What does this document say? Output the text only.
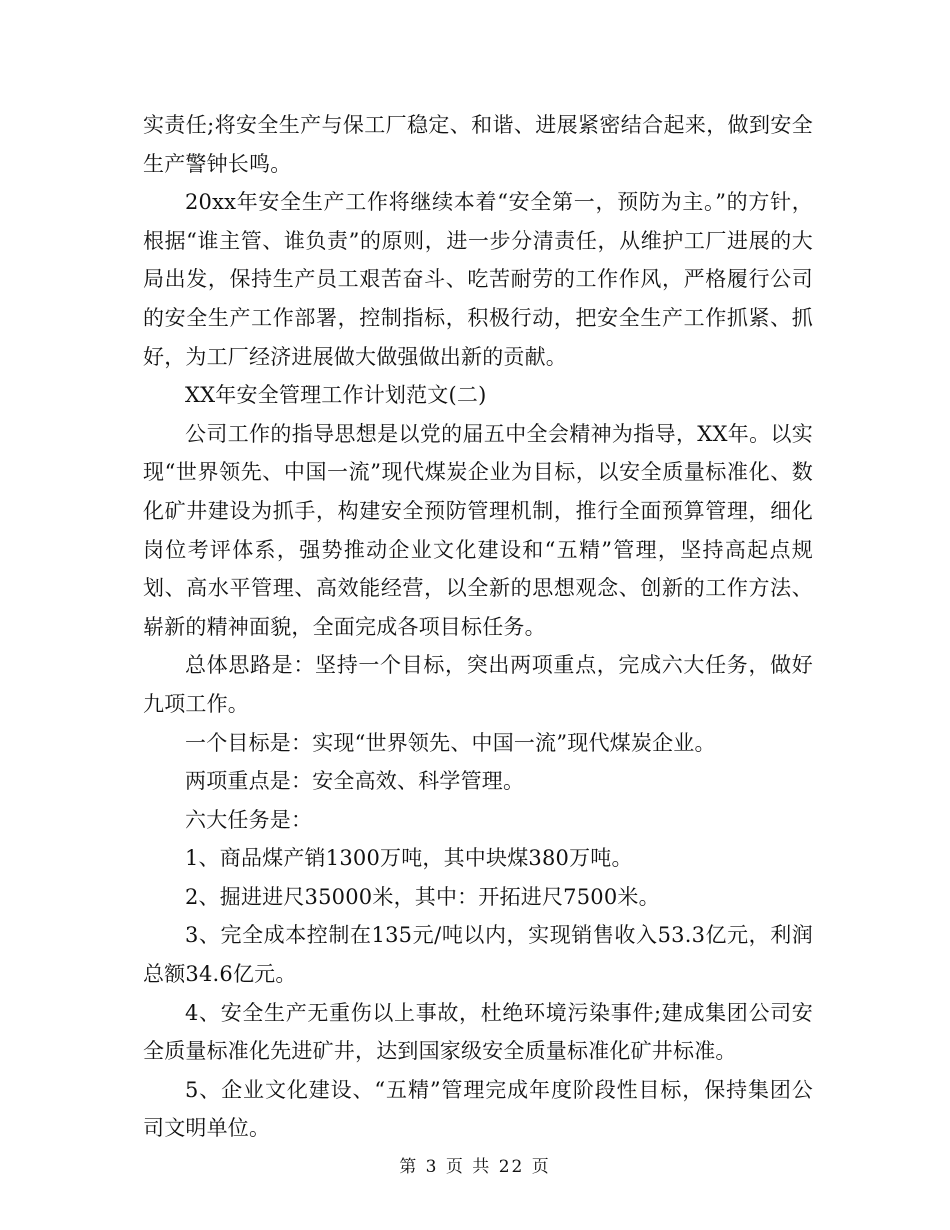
实责任;将安全生产与保工厂稳定、和谐、进展紧密结合起来，做到安全生产警钟长鸣。

20xx年安全生产工作将继续本着“安全第一，预防为主。”的方针，根据“谁主管、谁负责”的原则，进一步分清责任，从维护工厂进展的大局出发，保持生产员工艰苦奋斗、吃苦耐劳的工作作风，严格履行公司的安全生产工作部署，控制指标，积极行动，把安全生产工作抓紧、抓好，为工厂经济进展做大做强做出新的贡献。

XX年安全管理工作计划范文(二)

公司工作的指导思想是以党的届五中全会精神为指导，XX年。以实现“世界领先、中国一流”现代煤炭企业为目标，以安全质量标准化、数化矿井建设为抓手，构建安全预防管理机制，推行全面预算管理，细化岗位考评体系，强势推动企业文化建设和“五精”管理，坚持高起点规划、高水平管理、高效能经营，以全新的思想观念、创新的工作方法、崭新的精神面貌，全面完成各项目标任务。

总体思路是：坚持一个目标，突出两项重点，完成六大任务，做好九项工作。

一个目标是：实现“世界领先、中国一流”现代煤炭企业。

两项重点是：安全高效、科学管理。

六大任务是：

1、商品煤产销1300万吨，其中块煤380万吨。

2、掘进进尺35000米，其中：开拓进尺7500米。

3、完全成本控制在135元/吨以内，实现销售收入53.3亿元，利润总额34.6亿元。

4、安全生产无重伤以上事故，杜绝环境污染事件;建成集团公司安全质量标准化先进矿井，达到国家级安全质量标准化矿井标准。

5、企业文化建设、“五精”管理完成年度阶段性目标，保持集团公司文明单位。

第 3 页 共 22 页
